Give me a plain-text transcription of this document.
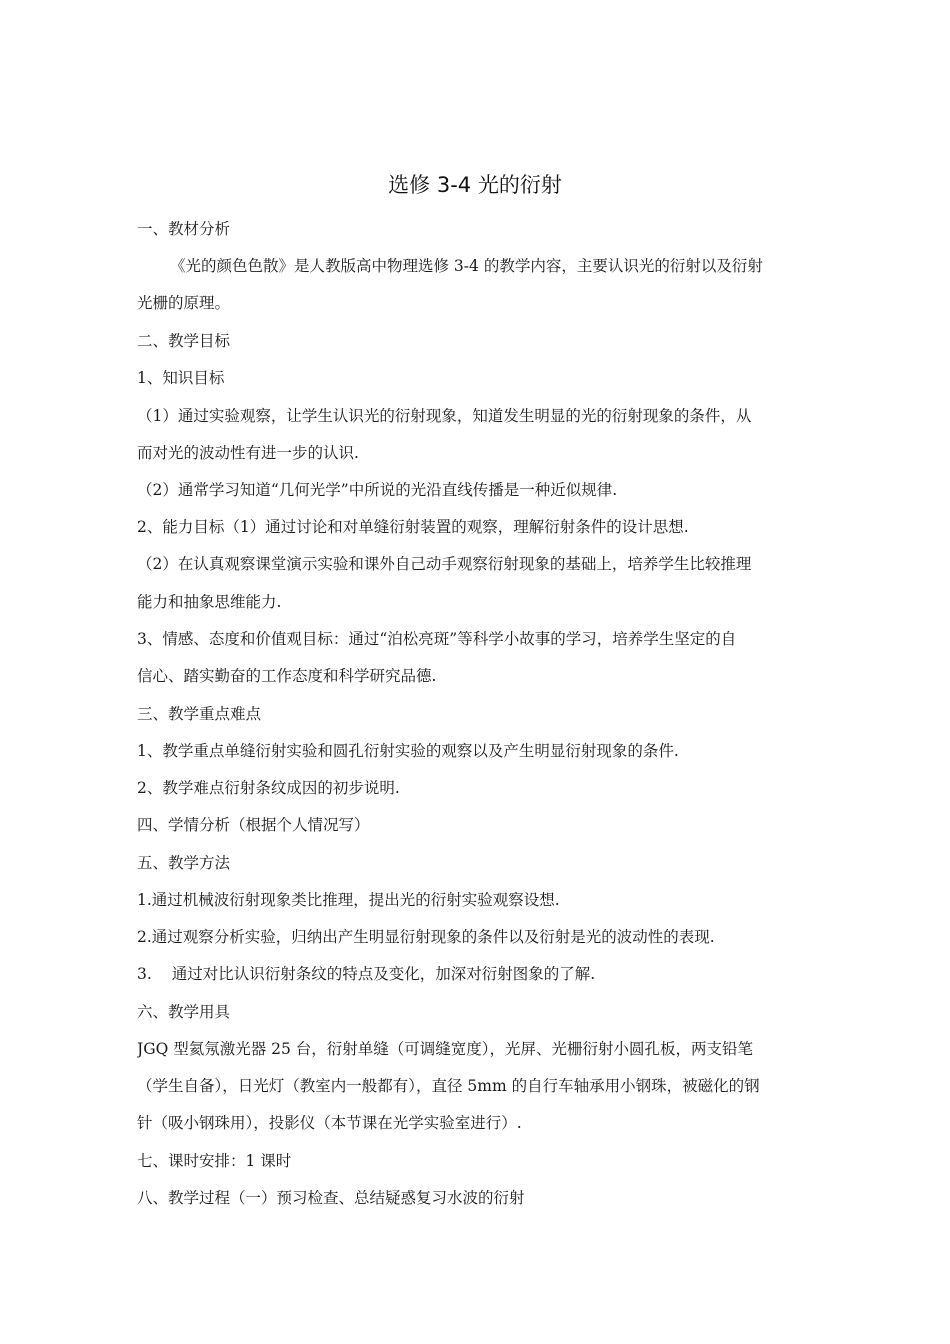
选修 3-4 光的衍射
一、教材分析
《光的颜色色散》是人教版高中物理选修 3-4 的教学内容，主要认识光的衍射以及衍射
光栅的原理。
二、教学目标
1、知识目标
（1）通过实验观察，让学生认识光的衍射现象，知道发生明显的光的衍射现象的条件，从
而对光的波动性有进一步的认识.
（2）通常学习知道“几何光学”中所说的光沿直线传播是一种近似规律.
2、能力目标（1）通过讨论和对单缝衍射装置的观察，理解衍射条件的设计思想.
（2）在认真观察课堂演示实验和课外自己动手观察衍射现象的基础上，培养学生比较推理
能力和抽象思维能力.
3、情感、态度和价值观目标：通过“泊松亮斑”等科学小故事的学习，培养学生坚定的自
信心、踏实勤奋的工作态度和科学研究品德.
三、教学重点难点
1、教学重点单缝衍射实验和圆孔衍射实验的观察以及产生明显衍射现象的条件.
2、教学难点衍射条纹成因的初步说明.
四、学情分析（根据个人情况写）
五、教学方法
1.通过机械波衍射现象类比推理，提出光的衍射实验观察设想.
2.通过观察分析实验，归纳出产生明显衍射现象的条件以及衍射是光的波动性的表现.
3. 通过对比认识衍射条纹的特点及变化，加深对衍射图象的了解.
六、教学用具
JGQ 型氦氖激光器 25 台，衍射单缝（可调缝宽度），光屏、光栅衍射小圆孔板，两支铅笔
（学生自备），日光灯（教室内一般都有），直径 5mm 的自行车轴承用小钢珠，被磁化的钢
针（吸小钢珠用），投影仪（本节课在光学实验室进行）.
七、课时安排：1 课时
八、教学过程（一）预习检查、总结疑惑复习水波的衍射
